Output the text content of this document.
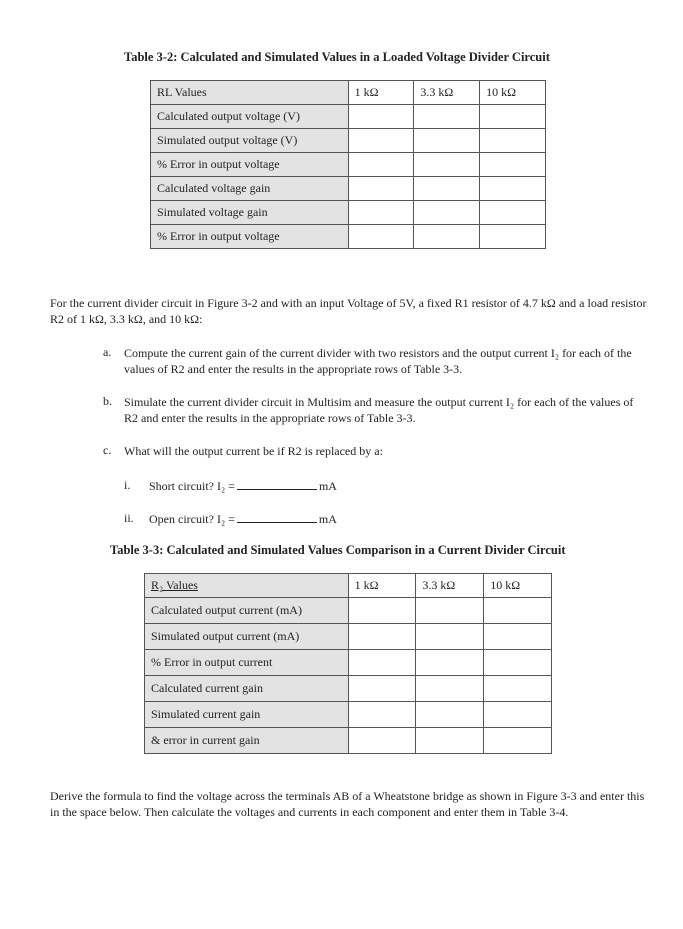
Table 3-2: Calculated and Simulated Values in a Loaded Voltage Divider Circuit
RL Values	1 kΩ	3.3 kΩ	10 kΩ
Calculated output voltage (V)			
Simulated output voltage (V)			
% Error in output voltage			
Calculated voltage gain			
Simulated voltage gain			
% Error in output voltage			
For the current divider circuit in Figure 3-2 and with an input Voltage of 5V, a fixed R1 resistor of 4.7 kΩ and a load resistor R2 of 1 kΩ, 3.3 kΩ, and 10 kΩ:
a. Compute the current gain of the current divider with two resistors and the output current I₂ for each of the values of R2 and enter the results in the appropriate rows of Table 3-3.
b. Simulate the current divider circuit in Multisim and measure the output current I₂ for each of the values of R2 and enter the results in the appropriate rows of Table 3-3.
c. What will the output current be if R2 is replaced by a:
i. Short circuit? I₂ =	mA
ii. Open circuit? I₂ =	mA
Table 3-3: Calculated and Simulated Values Comparison in a Current Divider Circuit
R₂ Values	1 kΩ	3.3 kΩ	10 kΩ
Calculated output current (mA)			
Simulated output current (mA)			
% Error in output current			
Calculated current gain			
Simulated current gain			
& error in current gain			
Derive the formula to find the voltage across the terminals AB of a Wheatstone bridge as shown in Figure 3-3 and enter this in the space below. Then calculate the voltages and currents in each component and enter them in Table 3-4.
